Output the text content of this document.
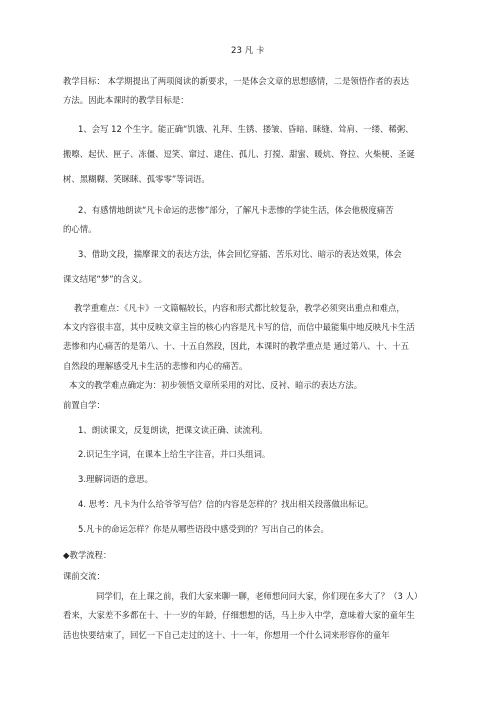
23 凡 卡
教学目标： 本学期提出了两项阅读的新要求，一是体会文章的思想感情，二是领悟作者的表达
方法。因此本课时的教学目标是：
1、会写 12 个生字。能正确“饥饿、礼拜、生锈、搂皱、昏暗、眯缝、耸肩、一缕、稀粥、
搬嚓、起伏、匣子、冻僵、逗笑、窜过、逮住、孤儿、打搅、甜蜜、暖炕、脊拉、火柴梗、圣诞
树、黑糊糊、笑眯眯、孤零零”等词语。
2、有感情地朗读“凡卡命运的悲惨”部分，了解凡卡悲惨的学徒生活，体会他极度痛苦
的心情。
3、借助文段，揣摩课文的表达方法，体会回忆穿插、苦乐对比、暗示的表达效果，体会
课文结尾“梦”的含义。
教学重难点：《凡卡》一文篇幅较长，内容和形式都比较复杂，教学必须突出重点和难点，
本文内容很丰富，其中反映文章主旨的核心内容是凡卡写的信，而信中最能集中地反映凡卡生活
悲惨和内心痛苦的是第八、十、十五自然段，因此，本课时的教学重点是 通过第八、十、十五
自然段的理解感受凡卡生活的悲惨和内心的痛苦。
本文的教学难点确定为：初步领悟文章所采用的对比、反衬、暗示的表达方法。
前置自学：
1、朗读课文，反复朗读，把课文读正确、读流利。
2.识记生字词，在课本上给生字注音，并口头组词。
3.理解词语的意思。
4. 思考：凡卡为什么给爷爷写信？信的内容是怎样的？找出相关段落做出标记。
5.凡卡的命运怎样？你是从哪些语段中感受到的？写出自己的体会。
◆教学流程：
课前交流：
同学们，在上课之前，我们大家来聊一聊，老师想问问大家，你们现在多大了？（3 人）
看来，大家差不多都在十、十一岁的年龄，仔细想想的话，马上步入中学，意味着大家的童年生
活也快要结束了，回忆一下自己走过的这十、十一年，你想用一个什么词来形容你的童年
